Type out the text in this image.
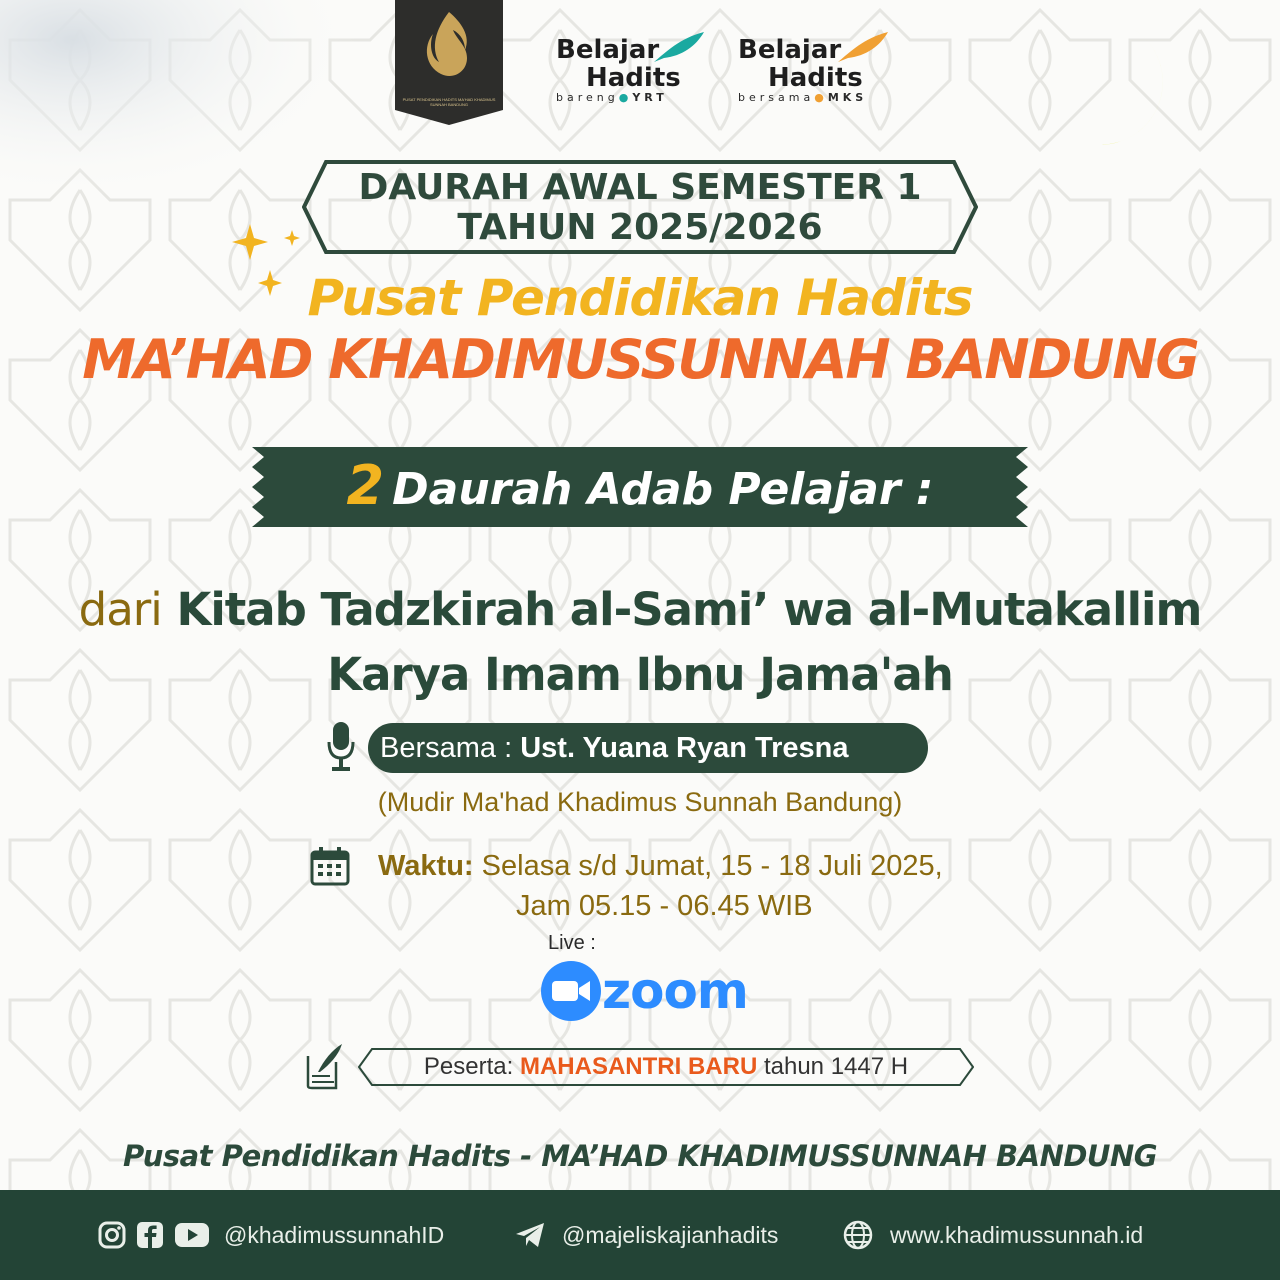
PUSAT PENDIDIKAN HADITS MA'HAD KHADIMUS SUNNAH BANDUNG
Belajar
Hadits
bareng●YRT
Belajar
Hadits
bersama●MKS
DAURAH AWAL SEMESTER 1
TAHUN 2025/2026
Pusat Pendidikan Hadits
MA’HAD KHADIMUSSUNNAH BANDUNG
2 Daurah Adab Pelajar :
dari Kitab Tadzkirah al-Sami’ wa al-Mutakallim
Karya Imam Ibnu Jama'ah
Bersama : Ust. Yuana Ryan Tresna
(Mudir Ma'had Khadimus Sunnah Bandung)
Waktu: Selasa s/d Jumat, 15 - 18 Juli 2025,
Jam 05.15 - 06.45 WIB
Live :
zoom
Peserta: MAHASANTRI BARU tahun 1447 H
Pusat Pendidikan Hadits - MA’HAD KHADIMUSSUNNAH BANDUNG
@khadimussunnahID	@majeliskajianhadits	www.khadimussunnah.id
